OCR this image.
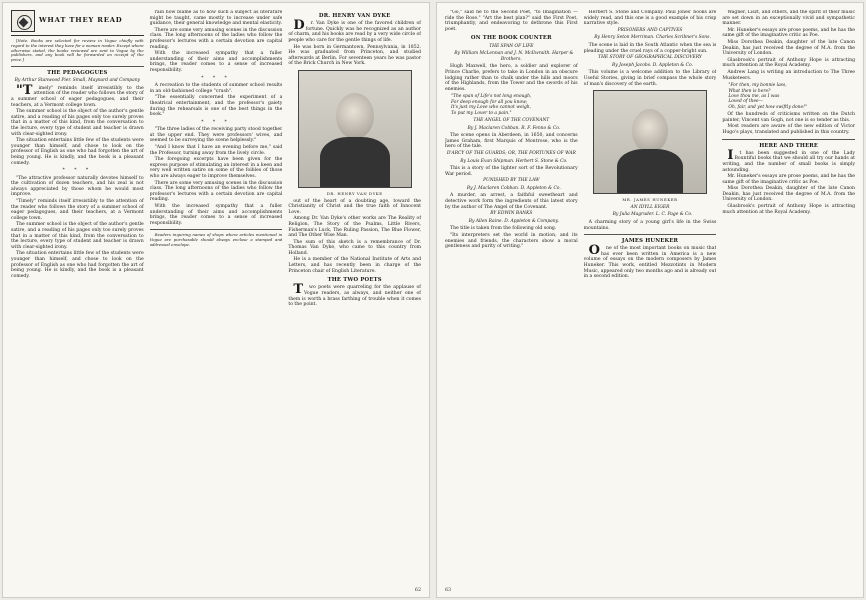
WHAT THEY READ

[Note. Books are selected for review in Vogue chiefly with regard to the interest they have for a woman reader. Except where otherwise stated, the books reviewed are sent to Vogue by the publishers, and any book will be forwarded on receipt of the price.]

THE PEDAGOGUES
By Arthur Stanwood Pier. Small, Maynard and Company

"Timely" reminds itself irresistibly to the attention of the reader who follows the story of a summer school of eager pedagogues, and their teachers, at a Vermont college town.

The summer school is the object of the author's gentle satire, and a reading of his pages only too surely proves that in a matter of this kind, from the conversation to the lecture, every type of student and teacher is drawn with clear-sighted irony.

The situation entertains little few of the students were younger than himself, and chose to look on the professor of English as one who had forgotten the art of being young. He is kindly, and the book is a pleasant comedy.

* * *

"The attractive professor naturally devotes himself to the cultivation of dozen teachers, and his zeal is not always appreciated by those whom he would most improve.

"Timely" reminds itself irresistibly to the attention of the reader who follows the story of a summer school of eager pedagogues, and their teachers, at a Vermont college town.

The summer school is the object of the author's gentle satire, and a reading of his pages only too surely proves that in a matter of this kind, from the conversation to the lecture, every type of student and teacher is drawn with clear-sighted irony.

The situation entertains little few of the students were younger than himself, and chose to look on the professor of English as one who had forgotten the art of being young. He is kindly, and the book is a pleasant comedy.

rain now blame as to how such a subject as literature might be taught, came mostly to increase under safe guidance, their general knowledge and mental elasticity.

There are some very amusing scenes in the discussion class. The long afternoons of the ladies who follow the professor's lectures with a certain devotion are capital reading.

With the increased sympathy that a fuller understanding of their aims and accomplishments brings, the reader comes to a sense of increased responsibility.

* * *

A recreation to the students of summer school results in an old-fashioned college "crush".

"The essentially concerned the experiment of a theatrical entertainment, and the professor's gaiety during the rehearsals is one of the best things in the book."

* * *

"The three ladies of the receiving party stood together at the upper end. They were professors' wives, and seemed to be surveying the scene helplessly."

"And I know that I have an evening before me," said the Professor, turning away from the lively circle.

The foregoing excerpts have been given for the express purpose of stimulating an interest in a keen and very well written satire on some of the foibles of those who are always eager to improve themselves.

There are some very amusing scenes in the discussion class. The long afternoons of the ladies who follow the professor's lectures with a certain devotion are capital reading.

With the increased sympathy that a fuller understanding of their aims and accomplishments brings, the reader comes to a sense of increased responsibility.

Readers inquiring names of shops where articles mentioned in Vogue are purchasable should always enclose a stamped and addressed envelope.

DR. HENRY VAN DYKE

Dr. Van Dyke is one of the favored children of fortune. Quickly was he recognized as an author of charm, and his books are read by a very wide circle of people who care for the gentle things of life.

He was born in Germantown, Pennsylvania, in 1852. He was graduated from Princeton, and studied afterwards at Berlin. For seventeen years he was pastor of the Brick Church in New York.

DR. HENRY VAN DYKE

out of the heart of a doubting age, toward the Christianity of Christ and the true faith of Innocent Love.

Among Dr. Van Dyke's other works are The Reality of Religion, The Story of the Psalms, Little Rivers, Fisherman's Luck, The Ruling Passion, The Blue Flower, and The Other Wise Man.

The sum of this sketch is a remembrance of Dr. Thomas Van Dyke, who came to this country from Holland.

He is a member of the National Institute of Arts and Letters, and has recently been in charge of the Princeton chair of English Literature.

THE TWO POETS

Two poets were quarreling for the applause of Vogue readers, as always, and neither one of them is worth a brass farthing of trouble when it comes to the point.

62

"Go," said he to the Second Poet, "to Imagination — ride the Rose." "Art the best plan?" said the First Poet, triumphantly, and endeavoring to dethrone this First poet.

ON THE BOOK COUNTER
THE SPAN OF LIFE

By William McLennan and J. N. McIlwraith. Harper & Brothers.

Hugh Maxwell, the hero, a soldier and explorer of Prince Charlie, prefers to take in London in an obscure lodging rather than to chalk under the hills and moors of the Highlands, from the Tower and the swords of his enemies.

"The span of Life's not long enough,
For deep enough for all you know;
It's just my Love who cannot weigh,
To put my Lover to a pain."
THE ANGEL OF THE COVENANT

By J. Maclaren Cobban. R. F. Fenno & Co.

The scene opens in Aberdeen, in 1650, and concerns James Graham, first Marquis of Montrose, who is the hero of the tale.

D'ARCY OF THE GUARDS; OR, THE FORTUNES OF WAR

By Louis Evan Shipman. Herbert S. Stone & Co.

This is a story of the lighter sort of the Revolutionary War period.

PUNISHED BY THE LAW

By J. Maclaren Cobban. D. Appleton & Co.

A murder, an arrest, a faithful sweetheart and detective work form the ingredients of this latest story by the author of The Angel of the Covenant.

BY EDWIN BANKS

By Allen Raine. D. Appleton & Company.

The title is taken from the following old song.

"Its interpreters set the world in motion, and its enemies and friends, the characters show a moral gentleness and purity of writing."

Herbert S. Stone and Company. Paul Jones' books are widely read, and this one is a good example of his crisp narrative style.

PRISONERS AND CAPTIVES

By Henry Seton Merriman. Charles Scribner's Sons.

The scene is laid in the South Atlantic when the sea is pleading under the cruel rays of a copper-bright sun.

THE STORY OF GEOGRAPHICAL DISCOVERY

By Joseph Jacobs. D. Appleton & Co.

This volume is a welcome addition to the Library of Useful Stories, giving in brief compass the whole story of man's discovery of the earth.

MR. JAMES HUNEKER
AN IDYLL EIGER

By Julia Magruder. L. C. Page & Co.

A charming story of a young girl's life in the Swiss mountains.

JAMES HUNEKER

One of the most important books on music that has ever been written in America is a new volume of essays on the modern composers by James Huneker. This work, entitled Mezzotints in Modern Music, appeared only two months ago and is already out in a second edition.

Wagner, Liszt, and others, and the spirit of their music are set down in an exceptionally vivid and sympathetic manner.

Mr. Huneker's essays are prose poems, and he has the same gift of the imaginative critic as Poe.

Miss Dorothea Deakin, daughter of the late Canon Deakin, has just received the degree of M.A. from the University of London.

Glasbrook's portrait of Anthony Hope is attracting much attention at the Royal Academy.

Andrew Lang is writing an introduction to The Three Musketeers.

"For then, my bonnie lass,
What then is here?
Love thou me, as I was
Loved of thee—
Oh, fair, and yet how swiftly done!"

Of the hundreds of criticisms written on the Dutch painter, Vincent van Gogh, not one is so tender as this.

Most readers are aware of the new edition of Victor Hugo's plays, translated and published in this country.

HERE AND THERE

It has been suggested in one of the Lady Bountiful books that we should all try our hands at writing, and the number of small books is simply astounding.

Mr. Huneker's essays are prose poems, and he has the same gift of the imaginative critic as Poe.

Miss Dorothea Deakin, daughter of the late Canon Deakin, has just received the degree of M.A. from the University of London.

Glasbrook's portrait of Anthony Hope is attracting much attention at the Royal Academy.

63
